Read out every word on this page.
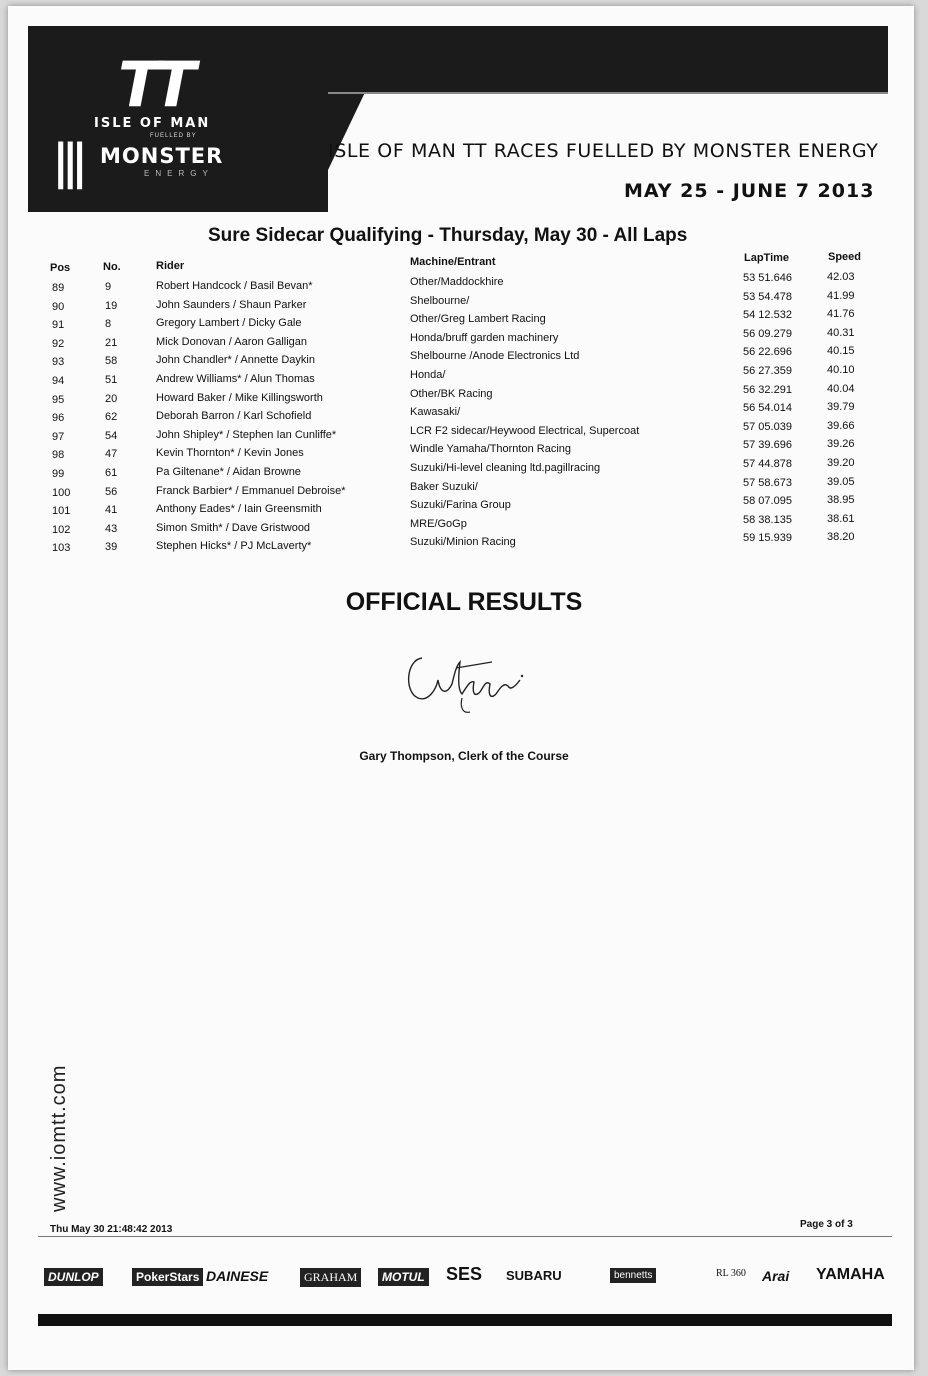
TT
ISLE OF MAN
FUELLED BY
||| MONSTER
ENERGY
ISLE OF MAN TT RACES FUELLED BY MONSTER ENERGY
MAY 25 - JUNE 7 2013
Sure Sidecar Qualifying - Thursday, May 30 - All Laps
Pos	No.	Rider	Machine/Entrant	LapTime	Speed
89	9	Robert Handcock / Basil Bevan*	Other/Maddockhire	53 51.646	42.03
90	19	John Saunders / Shaun Parker	Shelbourne/	53 54.478	41.99
91	8	Gregory Lambert / Dicky Gale	Other/Greg Lambert Racing	54 12.532	41.76
92	21	Mick Donovan / Aaron Galligan	Honda/bruff garden machinery	56 09.279	40.31
93	58	John Chandler* / Annette Daykin	Shelbourne /Anode Electronics Ltd	56 22.696	40.15
94	51	Andrew Williams* / Alun Thomas	Honda/	56 27.359	40.10
95	20	Howard Baker / Mike Killingsworth	Other/BK Racing	56 32.291	40.04
96	62	Deborah Barron / Karl Schofield	Kawasaki/	56 54.014	39.79
97	54	John Shipley* / Stephen Ian Cunliffe*	LCR F2 sidecar/Heywood Electrical, Supercoat	57 05.039	39.66
98	47	Kevin Thornton* / Kevin Jones	Windle Yamaha/Thornton Racing	57 39.696	39.26
99	61	Pa Giltenane* / Aidan Browne	Suzuki/Hi-level cleaning ltd.pagillracing	57 44.878	39.20
100	56	Franck Barbier* / Emmanuel Debroise*	Baker Suzuki/	57 58.673	39.05
101	41	Anthony Eades* / Iain Greensmith	Suzuki/Farina Group	58 07.095	38.95
102	43	Simon Smith* / Dave Gristwood	MRE/GoGp	58 38.135	38.61
103	39	Stephen Hicks* / PJ McLaverty*	Suzuki/Minion Racing	59 15.939	38.20
OFFICIAL RESULTS
Gary Thompson, Clerk of the Course
www.iomtt.com
Thu May 30 21:48:42 2013	Page 3 of 3
DUNLOP	PokerStars DAINESE	GRAHAM	MOTUL SES SUBARU	bennetts	RL 360 Arai YAMAHA
